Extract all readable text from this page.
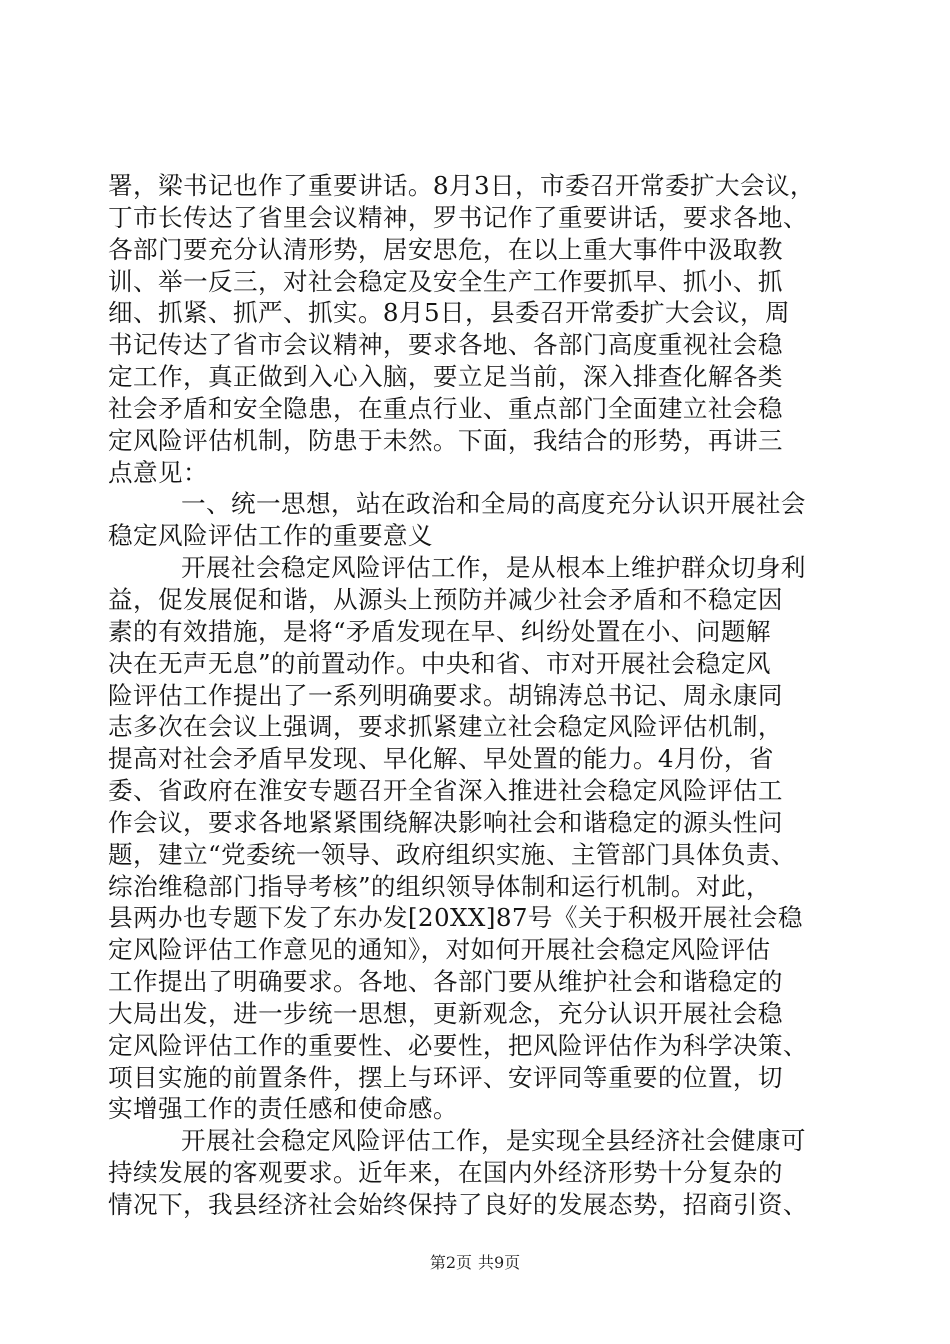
署，梁书记也作了重要讲话。8月3日，市委召开常委扩大会议，
丁市长传达了省里会议精神，罗书记作了重要讲话，要求各地、
各部门要充分认清形势，居安思危，在以上重大事件中汲取教
训、举一反三，对社会稳定及安全生产工作要抓早、抓小、抓
细、抓紧、抓严、抓实。8月5日，县委召开常委扩大会议，周
书记传达了省市会议精神，要求各地、各部门高度重视社会稳
定工作，真正做到入心入脑，要立足当前，深入排查化解各类
社会矛盾和安全隐患，在重点行业、重点部门全面建立社会稳
定风险评估机制，防患于未然。下面，我结合的形势，再讲三
点意见：
一、统一思想，站在政治和全局的高度充分认识开展社会
稳定风险评估工作的重要意义
开展社会稳定风险评估工作，是从根本上维护群众切身利
益，促发展促和谐，从源头上预防并减少社会矛盾和不稳定因
素的有效措施，是将“矛盾发现在早、纠纷处置在小、问题解
决在无声无息”的前置动作。中央和省、市对开展社会稳定风
险评估工作提出了一系列明确要求。胡锦涛总书记、周永康同
志多次在会议上强调，要求抓紧建立社会稳定风险评估机制，
提高对社会矛盾早发现、早化解、早处置的能力。4月份，省
委、省政府在淮安专题召开全省深入推进社会稳定风险评估工
作会议，要求各地紧紧围绕解决影响社会和谐稳定的源头性问
题，建立“党委统一领导、政府组织实施、主管部门具体负责、
综治维稳部门指导考核”的组织领导体制和运行机制。对此，
县两办也专题下发了东办发[20XX]87号《关于积极开展社会稳
定风险评估工作意见的通知》，对如何开展社会稳定风险评估
工作提出了明确要求。各地、各部门要从维护社会和谐稳定的
大局出发，进一步统一思想，更新观念，充分认识开展社会稳
定风险评估工作的重要性、必要性，把风险评估作为科学决策、
项目实施的前置条件，摆上与环评、安评同等重要的位置，切
实增强工作的责任感和使命感。
开展社会稳定风险评估工作，是实现全县经济社会健康可
持续发展的客观要求。近年来，在国内外经济形势十分复杂的
情况下，我县经济社会始终保持了良好的发展态势，招商引资、
第2页 共9页
